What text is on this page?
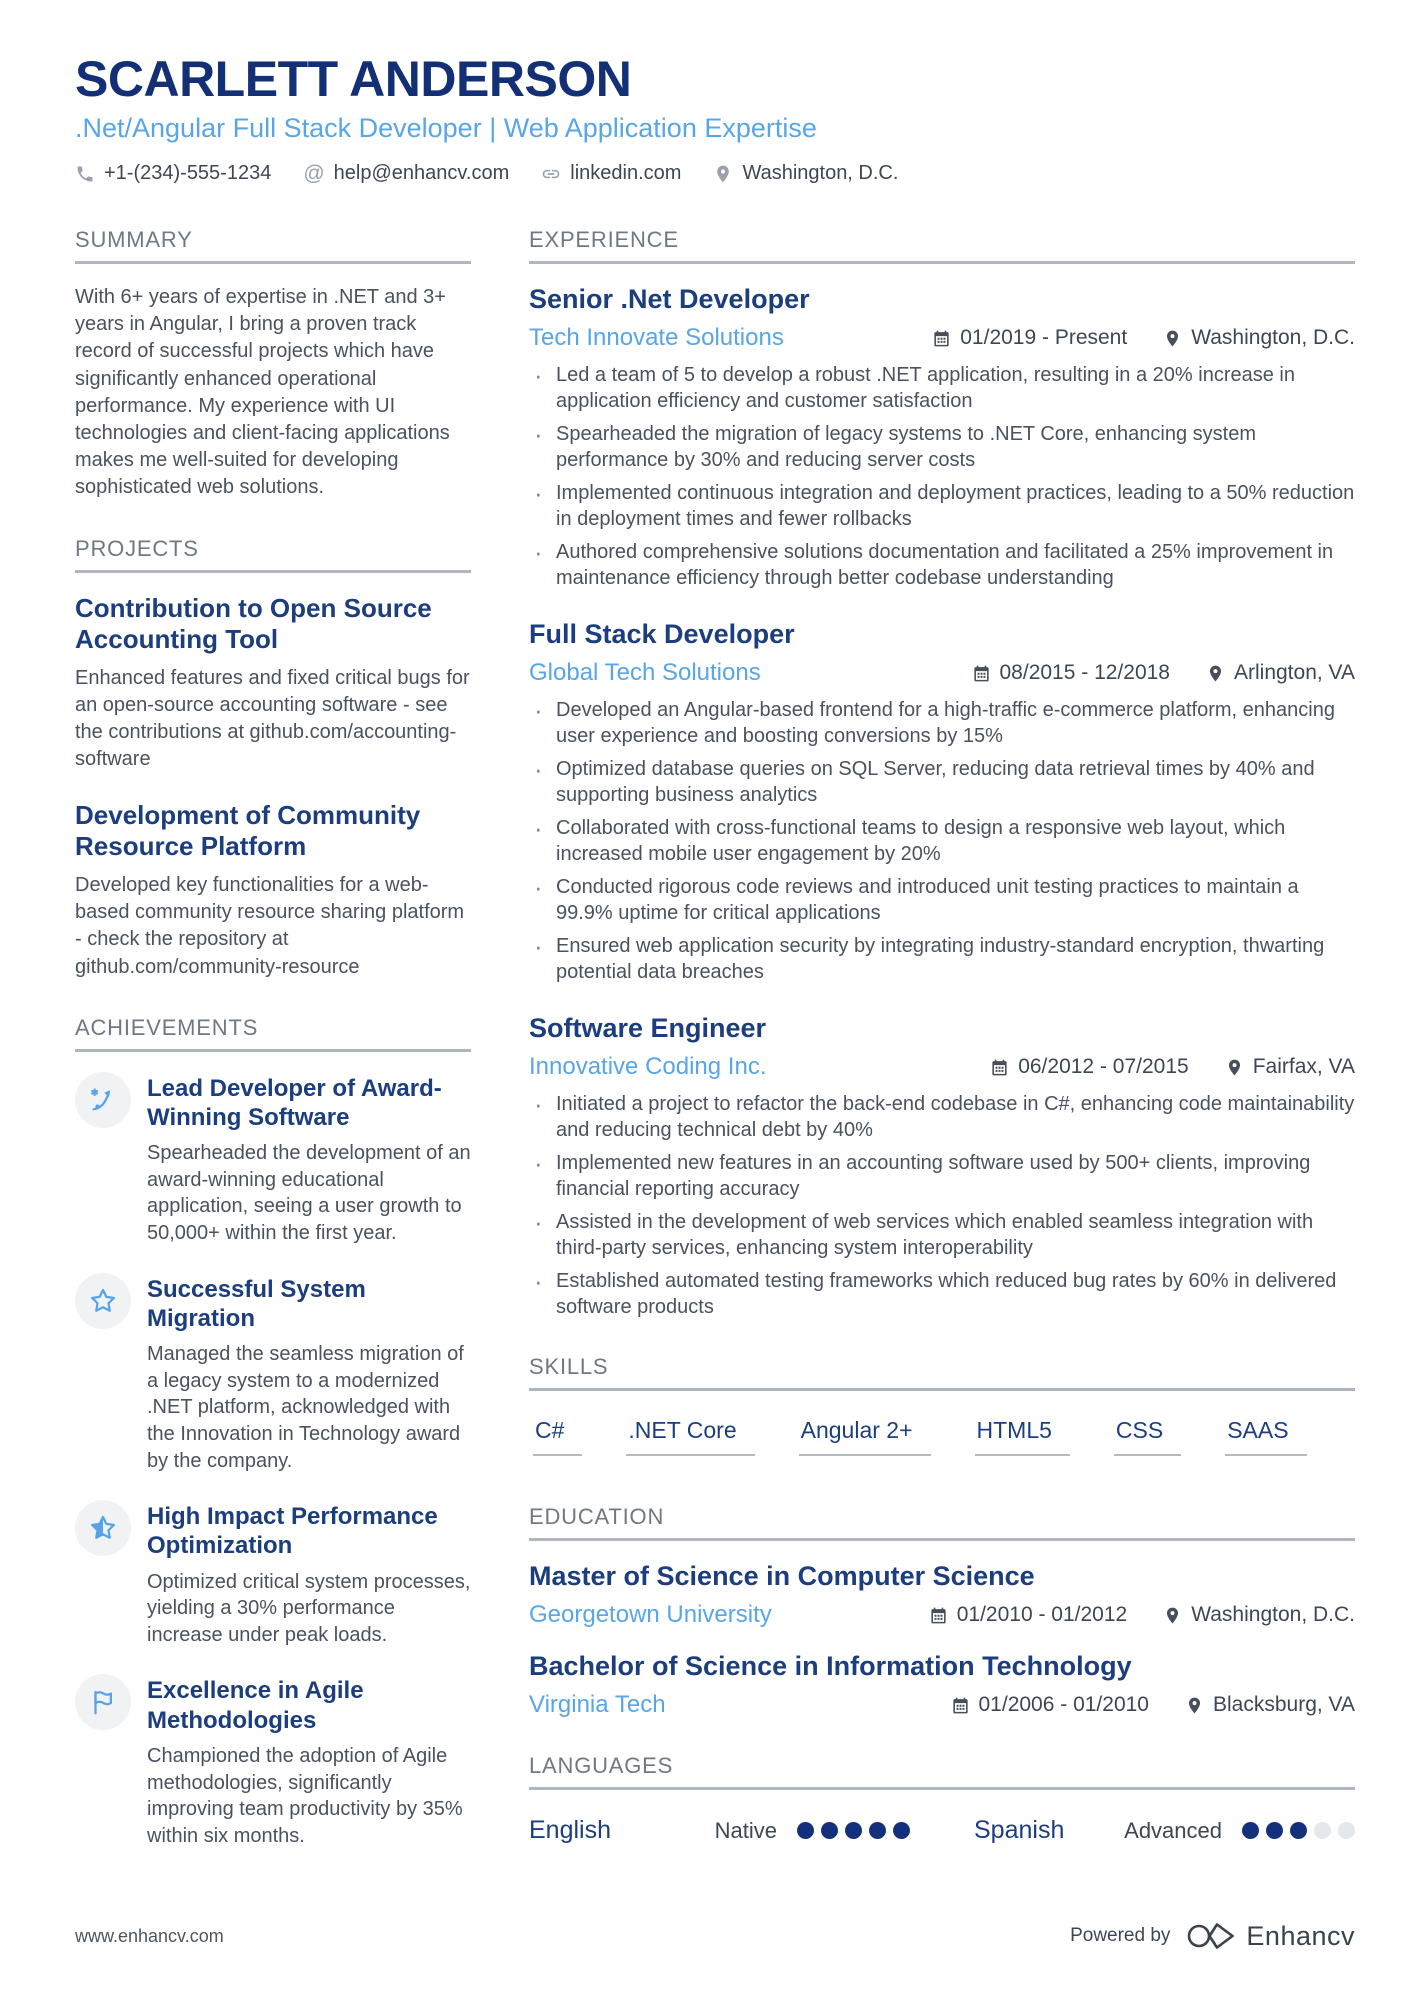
SCARLETT ANDERSON
.Net/Angular Full Stack Developer | Web Application Expertise
+1-(234)-555-1234 @ help@enhancv.com	linkedin.com	Washington, D.C.
SUMMARY

With 6+ years of expertise in .NET and 3+ years in Angular, I bring a proven track record of successful projects which have significantly enhanced operational performance. My experience with UI technologies and client-facing applications makes me well-suited for developing sophisticated web solutions.

PROJECTS
Contribution to Open Source Accounting Tool
Enhanced features and fixed critical bugs for an open-source accounting software - see the contributions at github.com/accounting-software
Development of Community Resource Platform
Developed key functionalities for a web-based community resource sharing platform - check the repository at github.com/community-resource
ACHIEVEMENTS
Lead Developer of Award-Winning Software
Spearheaded the development of an award-winning educational application, seeing a user growth to 50,000+ within the first year.
Successful System Migration
Managed the seamless migration of a legacy system to a modernized .NET platform, acknowledged with the Innovation in Technology award by the company.
High Impact Performance Optimization
Optimized critical system processes, yielding a 30% performance increase under peak loads.
Excellence in Agile Methodologies
Championed the adoption of Agile methodologies, significantly improving team productivity by 35% within six months.
EXPERIENCE
Senior .Net Developer
Tech Innovate Solutions	01/2019 - Present	Washington, D.C.
· Led a team of 5 to develop a robust .NET application, resulting in a 20% increase in application efficiency and customer satisfaction
· Spearheaded the migration of legacy systems to .NET Core, enhancing system performance by 30% and reducing server costs
· Implemented continuous integration and deployment practices, leading to a 50% reduction in deployment times and fewer rollbacks
· Authored comprehensive solutions documentation and facilitated a 25% improvement in maintenance efficiency through better codebase understanding
Full Stack Developer
Global Tech Solutions	08/2015 - 12/2018	Arlington, VA
· Developed an Angular-based frontend for a high-traffic e-commerce platform, enhancing user experience and boosting conversions by 15%
· Optimized database queries on SQL Server, reducing data retrieval times by 40% and supporting business analytics
· Collaborated with cross-functional teams to design a responsive web layout, which increased mobile user engagement by 20%
· Conducted rigorous code reviews and introduced unit testing practices to maintain a 99.9% uptime for critical applications
· Ensured web application security by integrating industry-standard encryption, thwarting potential data breaches
Software Engineer
Innovative Coding Inc.	06/2012 - 07/2015	Fairfax, VA
· Initiated a project to refactor the back-end codebase in C#, enhancing code maintainability and reducing technical debt by 40%
· Implemented new features in an accounting software used by 500+ clients, improving financial reporting accuracy
· Assisted in the development of web services which enabled seamless integration with third-party services, enhancing system interoperability
· Established automated testing frameworks which reduced bug rates by 60% in delivered software products
SKILLS
C#	.NET Core	Angular 2+	HTML5	CSS	SAAS
EDUCATION
Master of Science in Computer Science
Georgetown University	01/2010 - 01/2012	Washington, D.C.
Bachelor of Science in Information Technology
Virginia Tech	01/2006 - 01/2010	Blacksburg, VA
LANGUAGES
English	Native	Spanish	Advanced
www.enhancv.com	Powered by	Enhancv
